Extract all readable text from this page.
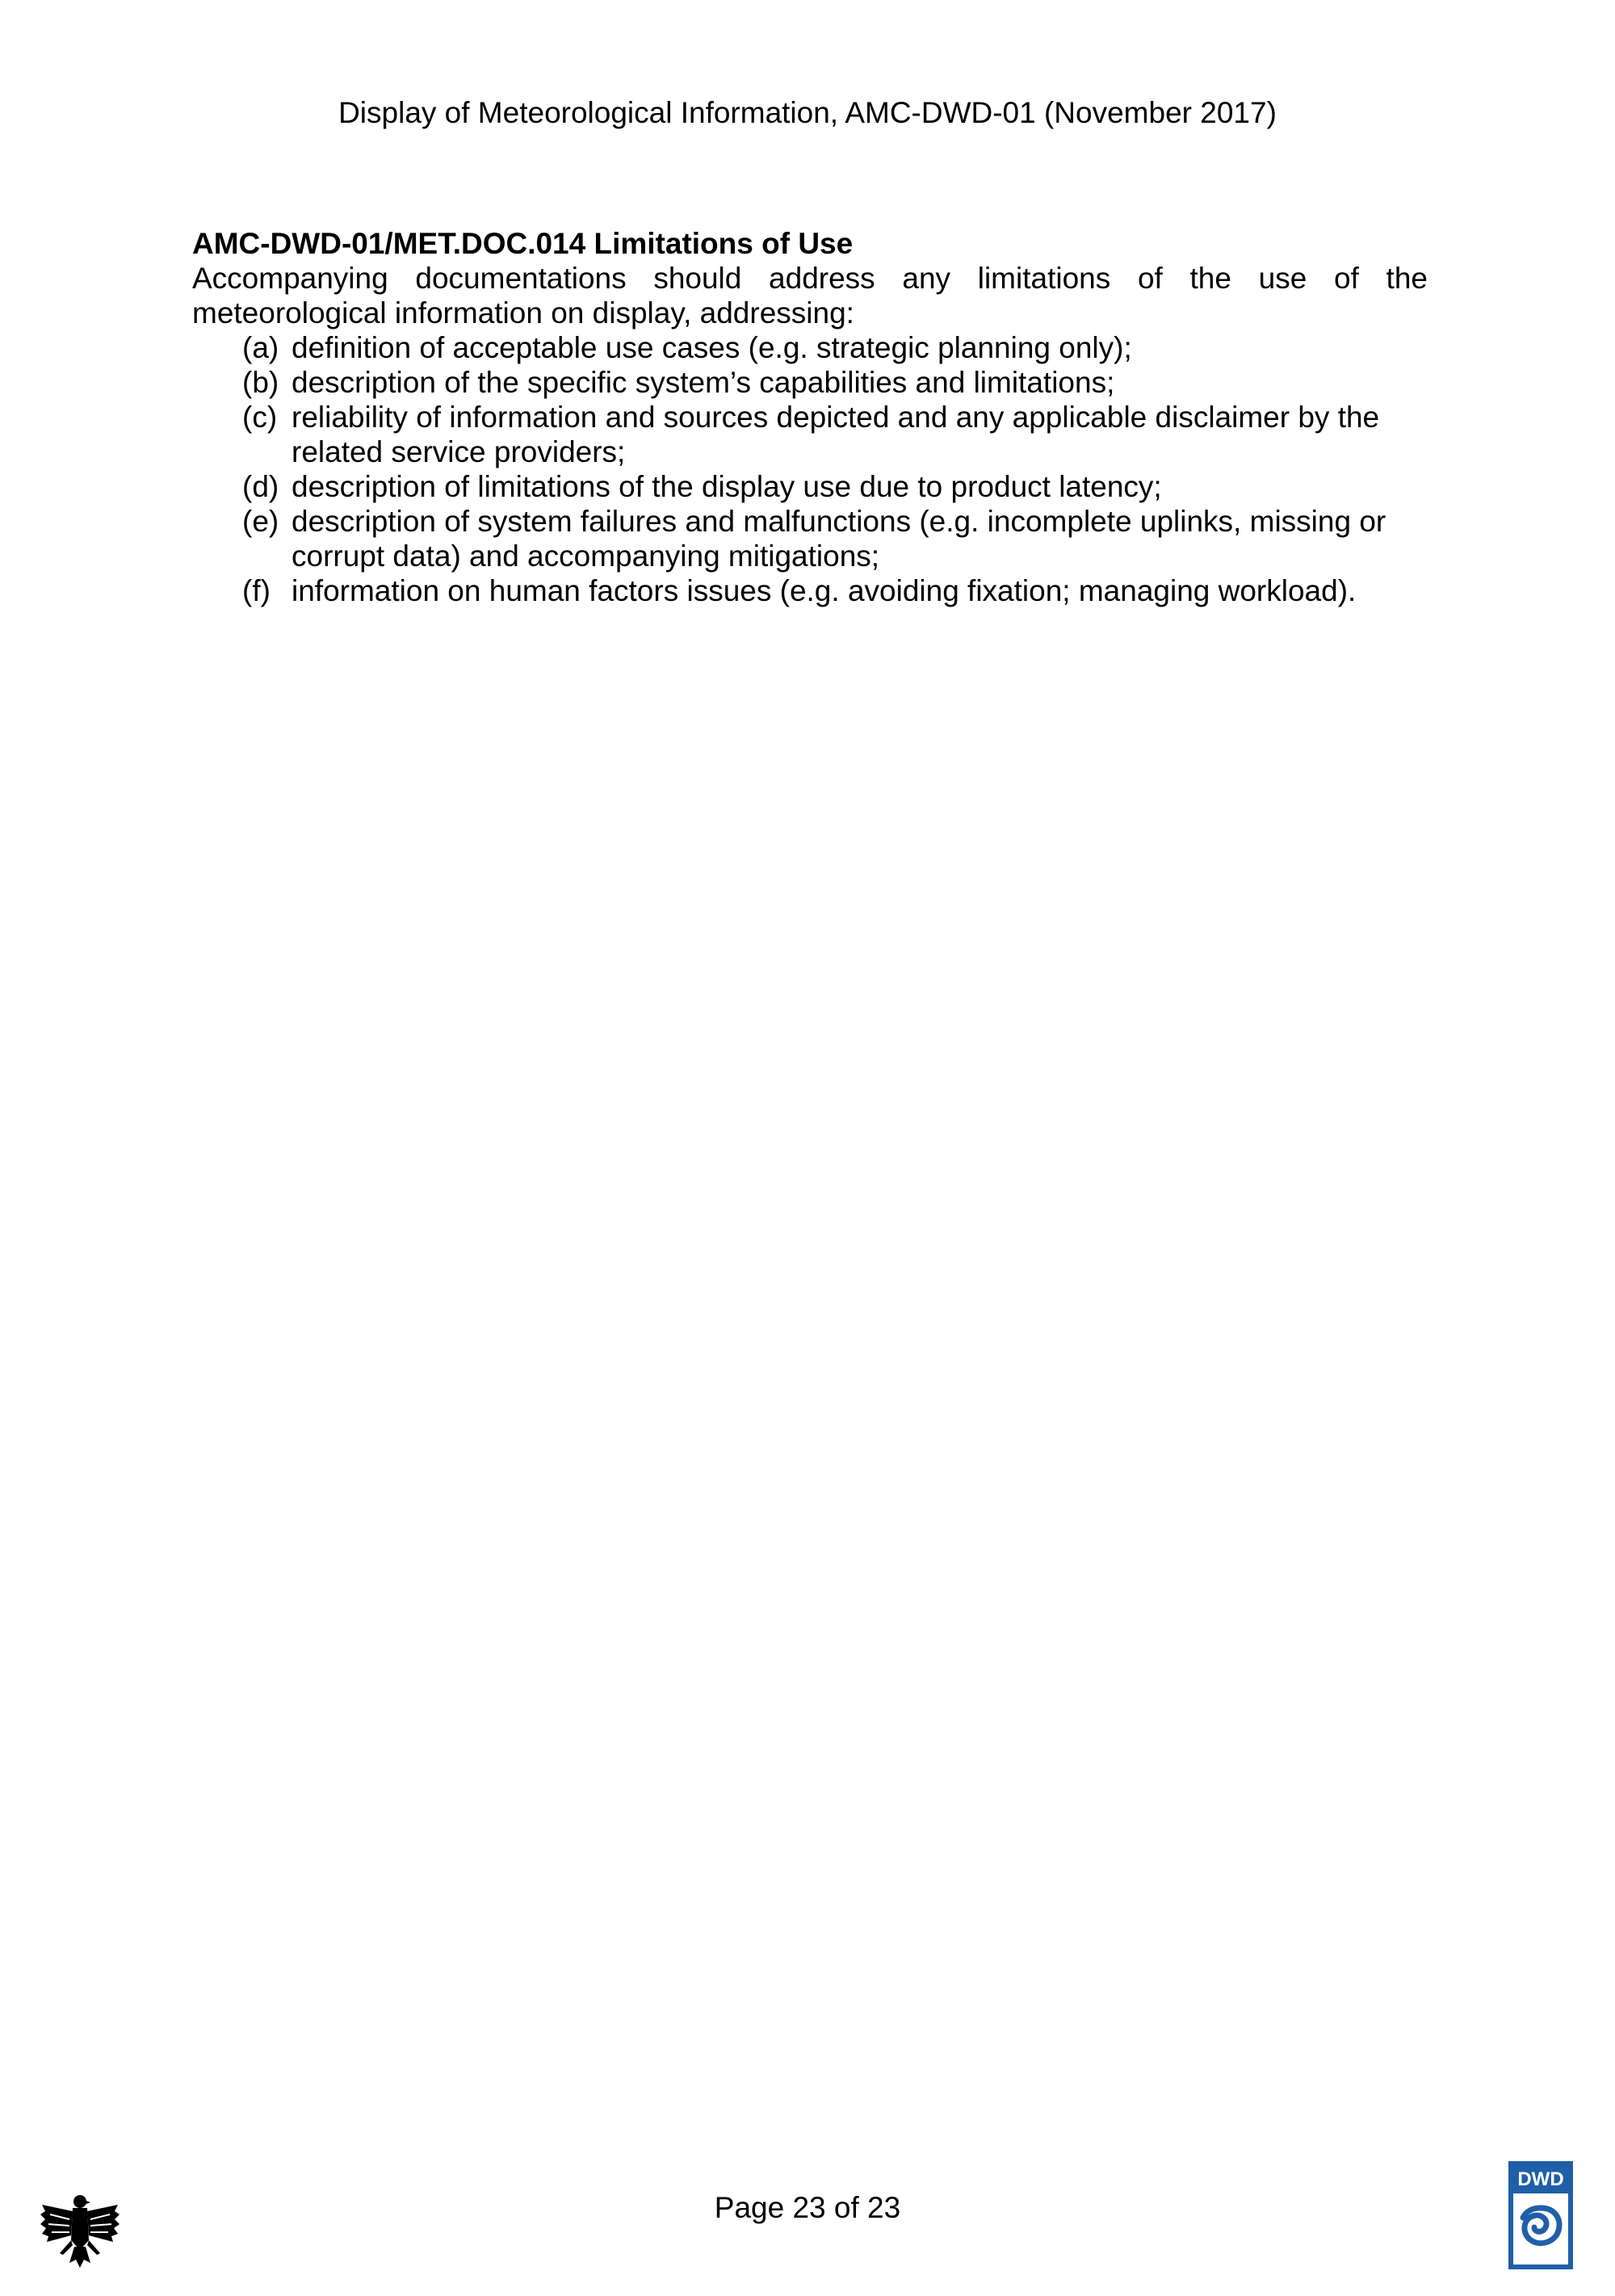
Display of Meteorological Information, AMC-DWD-01 (November 2017)

AMC-DWD-01/MET.DOC.014 Limitations of Use

Accompanying documentations should address any limitations of the use of the meteorological information on display, addressing:

(a) definition of acceptable use cases (e.g. strategic planning only);
(b) description of the specific system’s capabilities and limitations;
(c) reliability of information and sources depicted and any applicable disclaimer by the related service providers;
(d) description of limitations of the display use due to product latency;
(e) description of system failures and malfunctions (e.g. incomplete uplinks, missing or corrupt data) and accompanying mitigations;
(f) information on human factors issues (e.g. avoiding fixation; managing workload).
Page 23 of 23
DWD
